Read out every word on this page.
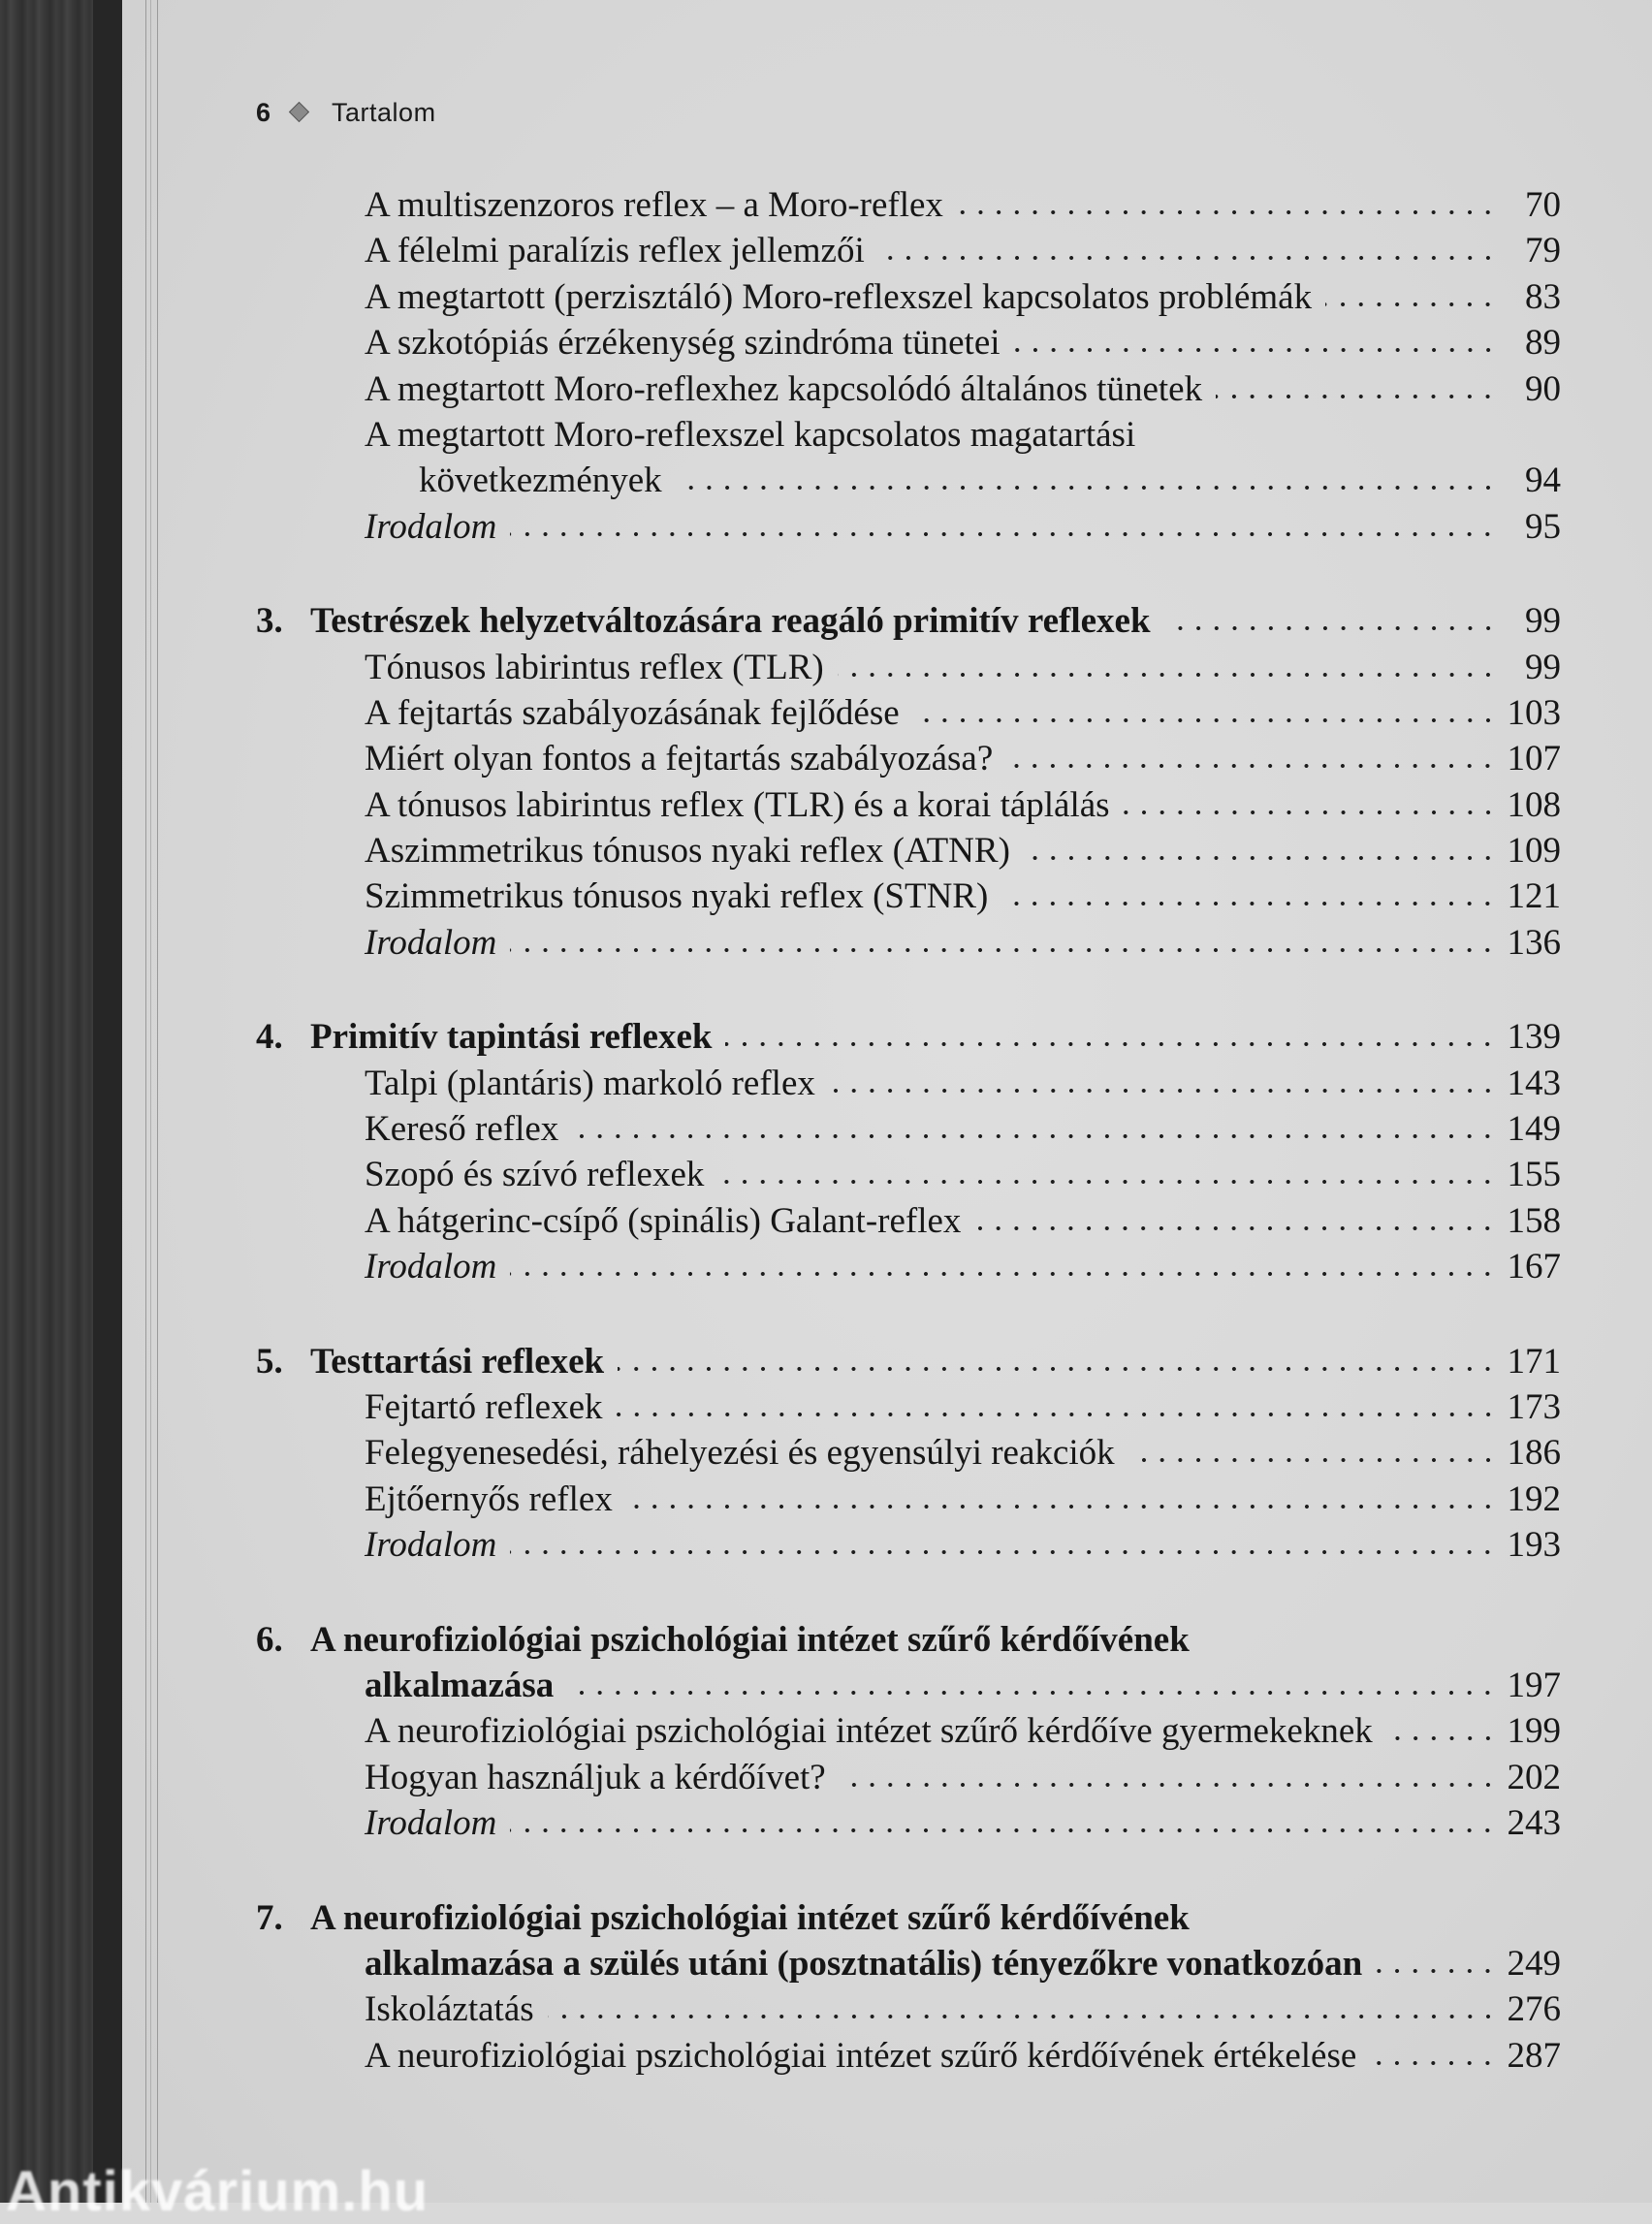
6 Tartalom
A multiszenzoros reflex – a Moro-reflex	70
A félelmi paralízis reflex jellemzői	79
A megtartott (perzisztáló) Moro-reflexszel kapcsolatos problémák	83
A szkotópiás érzékenység szindróma tünetei	89
A megtartott Moro-reflexhez kapcsolódó általános tünetek	90
A megtartott Moro-reflexszel kapcsolatos magatartási
következmények	94
Irodalom	95
3. Testrészek helyzetváltozására reagáló primitív reflexek	99
Tónusos labirintus reflex (TLR)	99
A fejtartás szabályozásának fejlődése	103
Miért olyan fontos a fejtartás szabályozása?	107
A tónusos labirintus reflex (TLR) és a korai táplálás	108
Aszimmetrikus tónusos nyaki reflex (ATNR)	109
Szimmetrikus tónusos nyaki reflex (STNR)	121
Irodalom	136
4. Primitív tapintási reflexek	139
Talpi (plantáris) markoló reflex	143
Kereső reflex	149
Szopó és szívó reflexek	155
A hátgerinc-csípő (spinális) Galant-reflex	158
Irodalom	167
5. Testtartási reflexek	171
Fejtartó reflexek	173
Felegyenesedési, ráhelyezési és egyensúlyi reakciók	186
Ejtőernyős reflex	192
Irodalom	193
6. A neurofiziológiai pszichológiai intézet szűrő kérdőívének
alkalmazása	197
A neurofiziológiai pszichológiai intézet szűrő kérdőíve gyermekeknek	199
Hogyan használjuk a kérdőívet?	202
Irodalom	243
7. A neurofiziológiai pszichológiai intézet szűrő kérdőívének
alkalmazása a szülés utáni (posztnatális) tényezőkre vonatkozóan	249
Iskoláztatás	276
A neurofiziológiai pszichológiai intézet szűrő kérdőívének értékelése	287
Antikvárium.hu
